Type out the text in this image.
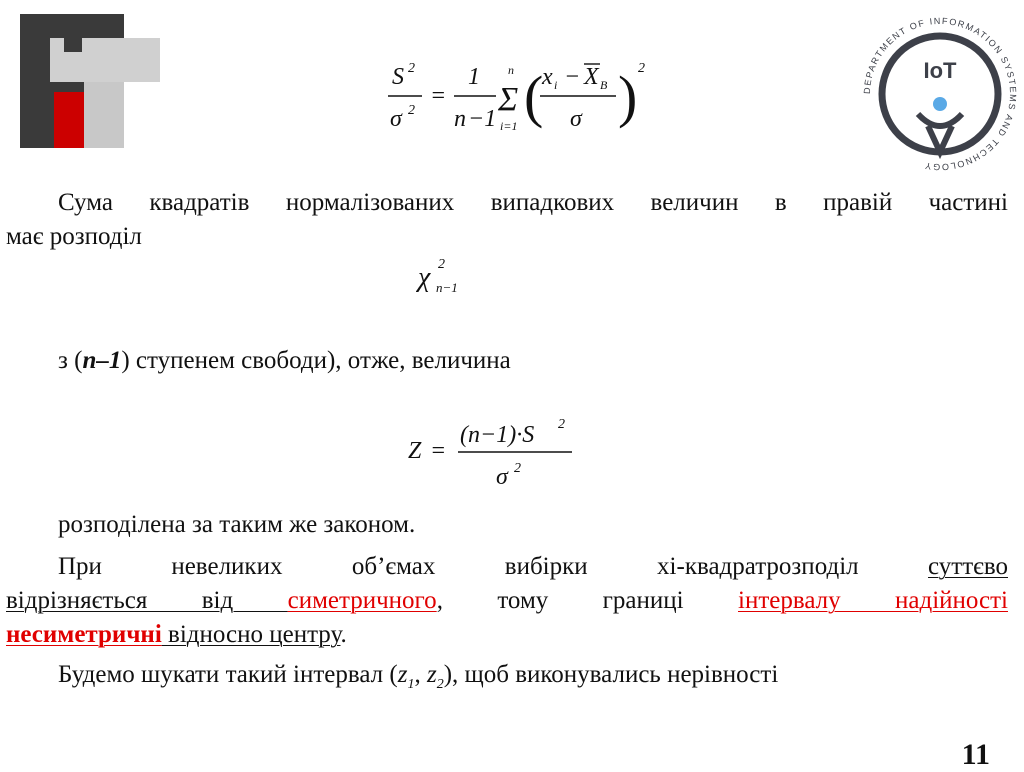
DEPARTMENT OF INFORMATION SYSTEMS AND TECHNOLOGY
IoT
S 2
σ 2
=
1
n −1
n
Σ
i=1 (
x i − X B
σ ) 2
Сума квадратів нормалізованих випадкових величин в правій частині
має розподіл
χ 2
n−1
з (n–1) ступенем свободи), отже, величина
Z =
(n−1)·S 2
σ 2
розподілена за таким же законом.
При невеликих об’ємах вибірки хі-квадратрозподіл суттєво
відрізняється від симетричного, тому границі інтервалу надійності
несиметричні відносно центру.
Будемо шукати такий інтервал ($z_1$, $z_2$), щоб виконувались нерівності
11
